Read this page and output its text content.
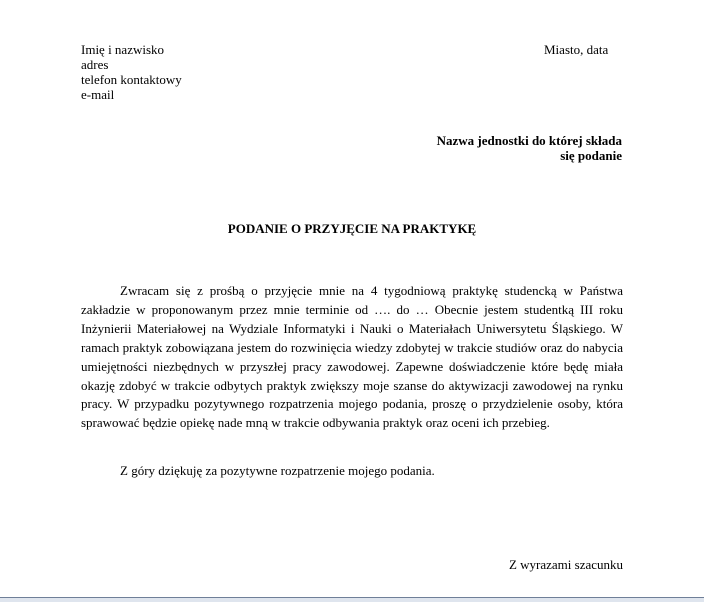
Imię i nazwisko
adres
telefon kontaktowy
e-mail
Miasto, data
Nazwa jednostki do której składa
się podanie
PODANIE O PRZYJĘCIE NA PRAKTYKĘ

Zwracam się z prośbą o przyjęcie mnie na 4 tygodniową praktykę studencką w Państwa zakładzie w proponowanym przez mnie terminie od …. do … Obecnie jestem studentką III roku Inżynierii Materiałowej na Wydziale Informatyki i Nauki o Materiałach Uniwersytetu Śląskiego. W ramach praktyk zobowiązana jestem do rozwinięcia wiedzy zdobytej w trakcie studiów oraz do nabycia umiejętności niezbędnych w przyszłej pracy zawodowej. Zapewne doświadczenie które będę miała okazję zdobyć w trakcie odbytych praktyk zwiększy moje szanse do aktywizacji zawodowej na rynku pracy. W przypadku pozytywnego rozpatrzenia mojego podania, proszę o przydzielenie osoby, która sprawować będzie opiekę nade mną w trakcie odbywania praktyk oraz oceni ich przebieg.

Z góry dziękuję za pozytywne rozpatrzenie mojego podania.

Z wyrazami szacunku
